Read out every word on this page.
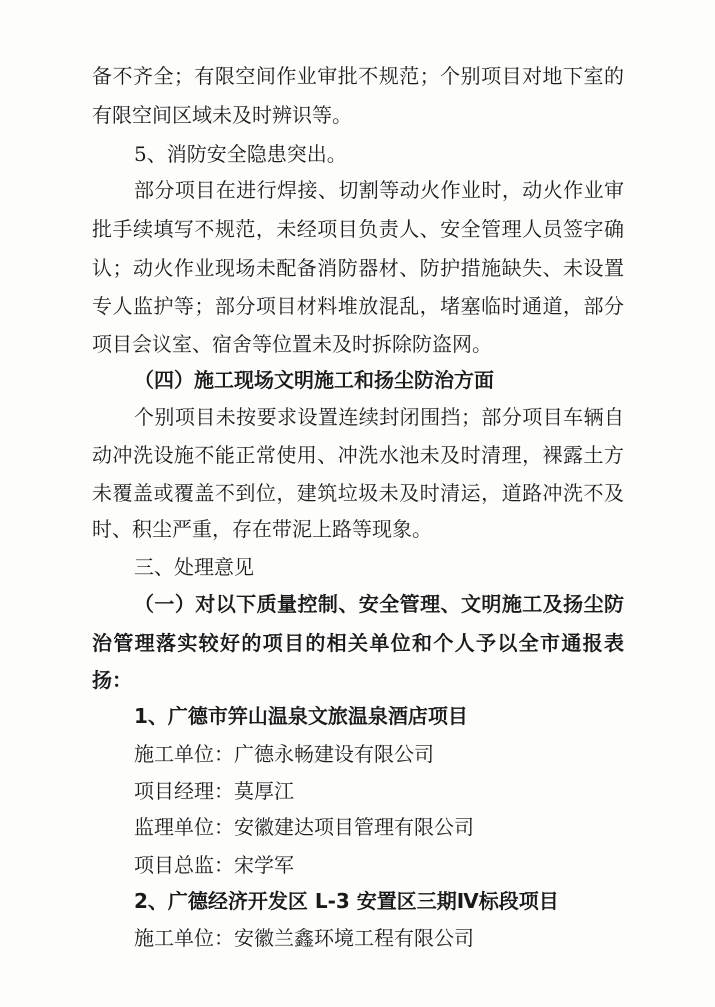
备不齐全；有限空间作业审批不规范；个别项目对地下室的
有限空间区域未及时辨识等。
5、消防安全隐患突出。
部分项目在进行焊接、切割等动火作业时，动火作业审
批手续填写不规范，未经项目负责人、安全管理人员签字确
认；动火作业现场未配备消防器材、防护措施缺失、未设置
专人监护等；部分项目材料堆放混乱，堵塞临时通道，部分
项目会议室、宿舍等位置未及时拆除防盗网。
（四）施工现场文明施工和扬尘防治方面
个别项目未按要求设置连续封闭围挡；部分项目车辆自
动冲洗设施不能正常使用、冲洗水池未及时清理，裸露土方
未覆盖或覆盖不到位，建筑垃圾未及时清运，道路冲洗不及
时、积尘严重，存在带泥上路等现象。
三、处理意见
（一）对以下质量控制、安全管理、文明施工及扬尘防
治管理落实较好的项目的相关单位和个人予以全市通报表
扬：
1、广德市笄山温泉文旅温泉酒店项目
施工单位：广德永畅建设有限公司
项目经理：莫厚江
监理单位：安徽建达项目管理有限公司
项目总监：宋学军
2、广德经济开发区 L-3 安置区三期Ⅳ标段项目
施工单位：安徽兰鑫环境工程有限公司
